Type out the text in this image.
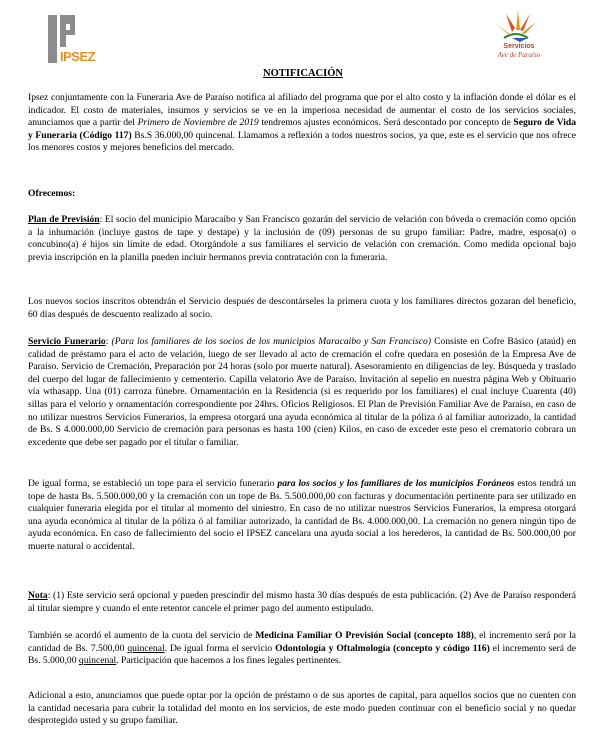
IPSEZ
Servicios
Ave de Paraíso
...
NOTIFICACIÓN

Ipsez conjuntamente con la Funeraria Ave de Paraíso notifica al afiliado del programa que por el alto costo y la inflación donde el dólar es el indicador. El costo de materiales, insumos y servicios se ve en la imperiosa necesidad de aumentar el costo de los servicios sociales, anunciamos que a partir del Primero de Noviembre de 2019 tendremos ajustes económicos. Será descontado por concepto de Seguro de Vida y Funeraria (Código 117) Bs.S 36.000,00 quincenal. Llamamos a reflexión a todos nuestros socios, ya que, este es el servicio que nos ofrece los menores costos y mejores beneficios del mercado.

Ofrecemos:

Plan de Previsión: El socio del municipio Maracaibo y San Francisco gozarán del servicio de velación con bóveda o cremación como opción a la inhumación (incluye gastos de tape y destape) y la inclusión de (09) personas de su grupo familiar: Padre, madre, esposa(o) o concubino(a) é hijos sin límite de edad. Otorgándole a sus familiares el servicio de velación con cremación. Como medida opcional bajo previa inscripción en la planilla pueden incluir hermanos previa contratación con la funeraria.

Los nuevos socios inscritos obtendrán el Servicio después de descontárseles la primera cuota y los familiares directos gozaran del beneficio, 60 días después de descuento realizado al socio.

Servicio Funerario: (Para los familiares de los socios de los municipios Maracaibo y San Francisco) Consiste en Cofre Básico (ataúd) en calidad de préstamo para el acto de velación, luego de ser llevado al acto de cremación el cofre quedara en posesión de la Empresa Ave de Paraíso. Servicio de Cremación, Preparación por 24 horas (solo por muerte natural). Asesoramiento en diligencias de ley. Búsqueda y traslado del cuerpo del lugar de fallecimiento y cementerio. Capilla velatorio Ave de Paraíso. Invitación al sepelio en nuestra página Web y Obituario vía wthasapp. Una (01) carroza fúnebre. Ornamentación en la Residencia (si es requerido por los familiares) el cual incluye Cuarenta (40) sillas para el velorio y ornamentación correspondiente por 24hrs. Oficios Religiosos. El Plan de Previsión Familiar Ave de Paraíso, en caso de no utilizar nuestros Servicios Funerarios, la empresa otorgará una ayuda económica al titular de la póliza ó al familiar autorizado, la cantidad de Bs. S 4.000.000,00 Servicio de cremación para personas es hasta 100 (cien) Kilos, en caso de exceder este peso el crematorio cobrara un excedente que debe ser pagado por el titular o familiar.

De igual forma, se estableció un tope para el servicio funerario para los socios y los familiares de los municipios Foráneos estos tendrá un tope de hasta Bs. 5.500.000,00 y la cremación con un tope de Bs. 5.500.000,00 con facturas y documentación pertinente para ser utilizado en cualquier funeraria elegida por el titular al momento del siniestro. En caso de no utilizar nuestros Servicios Funerarios, la empresa otorgará una ayuda económica al titular de la póliza ó al familiar autorizado, la cantidad de Bs. 4.000.000,00. La cremación no genera ningún tipo de ayuda económica. En caso de fallecimiento del socio el IPSEZ cancelara una ayuda social a los herederos, la cantidad de Bs. 500.000,00 por muerte natural o accidental.

Nota: (1) Este servicio será opcional y pueden prescindir del mismo hasta 30 días después de esta publicación. (2) Ave de Paraíso responderá al titular siempre y cuando el ente retentor cancele el primer pago del aumento estipulado.

También se acordó el aumento de la cuota del servicio de Medicina Familiar O Previsión Social (concepto 188), el incremento será por la cantidad de Bs. 7.500,00 quincenal. De igual forma el servicio Odontología y Oftalmología (concepto y código 116) el incremento será de Bs. 5.000,00 quincenal. Participación que hacemos a los fines legales pertinentes.

Adicional a esto, anunciamos que puede optar por la opción de préstamo o de sus aportes de capital, para aquellos socios que no cuenten con la cantidad necesaria para cubrir la totalidad del monto en los servicios, de este modo pueden continuar con el beneficio social y no quedar desprotegido usted y su grupo familiar.
